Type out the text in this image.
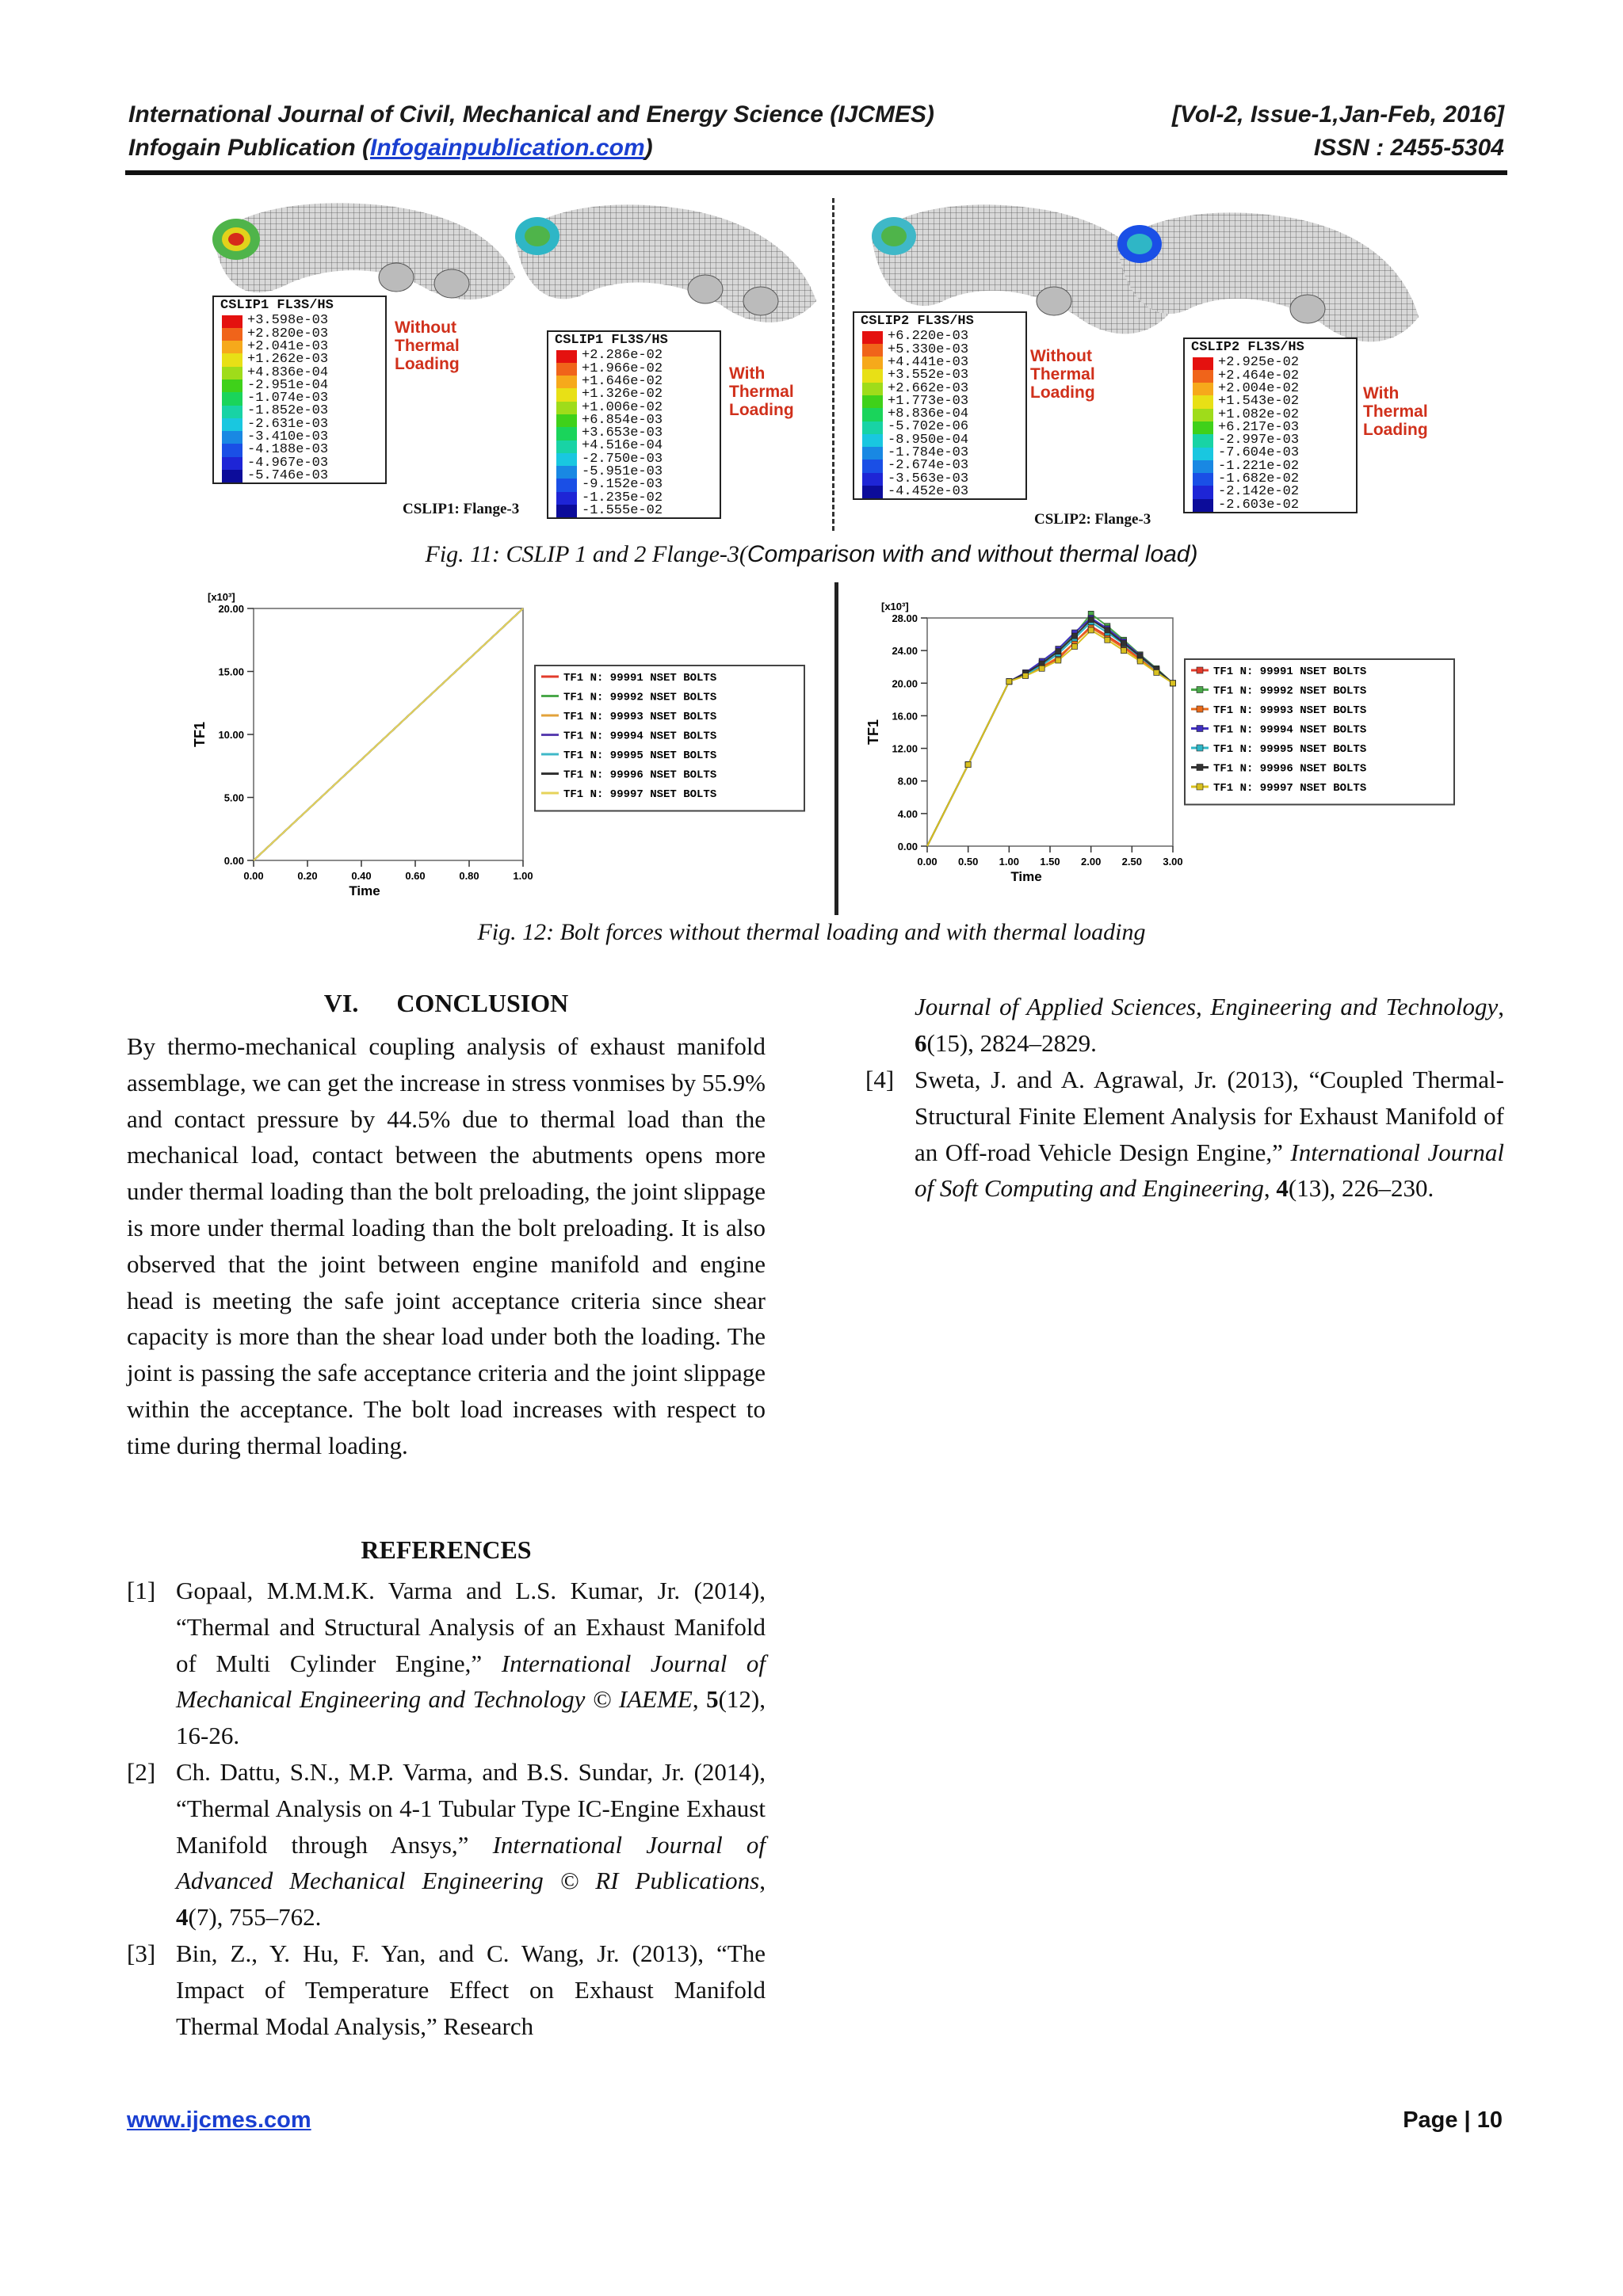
International Journal of Civil, Mechanical and Energy Science (IJCMES)	[Vol-2, Issue-1,Jan-Feb, 2016]
Infogain Publication (Infogainpublication.com)	ISSN : 2455-5304
CSLIP1 FL3S/HS
+3.598e-03
+2.820e-03
+2.041e-03
+1.262e-03
+4.836e-04
-2.951e-04
-1.074e-03
-1.852e-03
-2.631e-03
-3.410e-03
-4.188e-03
-4.967e-03
-5.746e-03
Without
Thermal
Loading
CSLIP1 FL3S/HS
+2.286e-02
+1.966e-02
+1.646e-02
+1.326e-02
+1.006e-02
+6.854e-03
+3.653e-03
+4.516e-04
-2.750e-03
-5.951e-03
-9.152e-03
-1.235e-02
-1.555e-02
With
Thermal
Loading
CSLIP2 FL3S/HS
+6.220e-03
+5.330e-03
+4.441e-03
+3.552e-03
+2.662e-03
+1.773e-03
+8.836e-04
-5.702e-06
-8.950e-04
-1.784e-03
-2.674e-03
-3.563e-03
-4.452e-03
Without
Thermal
Loading
CSLIP2 FL3S/HS
+2.925e-02
+2.464e-02
+2.004e-02
+1.543e-02
+1.082e-02
+6.217e-03
-2.997e-03
-7.604e-03
-1.221e-02
-1.682e-02
-2.142e-02
-2.603e-02
With
Thermal
Loading
CSLIP1: Flange-3
CSLIP2: Flange-3
Fig. 11: CSLIP 1 and 2 Flange-3(Comparison with and without thermal load)
[x10³]
0.00
5.00
10.00
15.00
20.00
0.00	0.20	0.40	0.60	0.80	1.00
Time
TF1
TF1 N: 99991 NSET BOLTS
TF1 N: 99992 NSET BOLTS
TF1 N: 99993 NSET BOLTS
TF1 N: 99994 NSET BOLTS
TF1 N: 99995 NSET BOLTS
TF1 N: 99996 NSET BOLTS
TF1 N: 99997 NSET BOLTS
[x10³]
0.00
4.00
8.00
12.00
16.00
20.00
24.00
28.00
0.00 0.50 1.00 1.50 2.00 2.50 3.00
Time
TF1
TF1 N: 99991 NSET BOLTS
TF1 N: 99992 NSET BOLTS
TF1 N: 99993 NSET BOLTS
TF1 N: 99994 NSET BOLTS
TF1 N: 99995 NSET BOLTS
TF1 N: 99996 NSET BOLTS
TF1 N: 99997 NSET BOLTS
Fig. 12: Bolt forces without thermal loading and with thermal loading
VI. CONCLUSION
By thermo-mechanical coupling analysis of exhaust manifold assemblage, we can get the increase in stress vonmises by 55.9% and contact pressure by 44.5% due to thermal load than the mechanical load, contact between the abutments opens more under thermal loading than the bolt preloading, the joint slippage is more under thermal loading than the bolt preloading. It is also observed that the joint between engine manifold and engine head is meeting the safe joint acceptance criteria since shear capacity is more than the shear load under both the loading. The joint is passing the safe acceptance criteria and the joint slippage within the acceptance. The bolt load increases with respect to time during thermal loading.
REFERENCES
[1] Gopaal, M.M.M.K. Varma and L.S. Kumar, Jr. (2014), “Thermal and Structural Analysis of an Exhaust Manifold of Multi Cylinder Engine,” International Journal of Mechanical Engineering and Technology © IAEME, 5(12), 16-26.
[2] Ch. Dattu, S.N., M.P. Varma, and B.S. Sundar, Jr. (2014), “Thermal Analysis on 4-1 Tubular Type IC-Engine Exhaust Manifold through Ansys,” International Journal of Advanced Mechanical Engineering © RI Publications, 4(7), 755–762.
[3] Bin, Z., Y. Hu, F. Yan, and C. Wang, Jr. (2013), “The Impact of Temperature Effect on Exhaust Manifold Thermal Modal Analysis,” Research
Journal of Applied Sciences, Engineering and Technology, 6(15), 2824–2829.
[4] Sweta, J. and A. Agrawal, Jr. (2013), “Coupled Thermal-Structural Finite Element Analysis for Exhaust Manifold of an Off-road Vehicle Design Engine,” International Journal of Soft Computing and Engineering, 4(13), 226–230.
www.ijcmes.com	Page | 10
